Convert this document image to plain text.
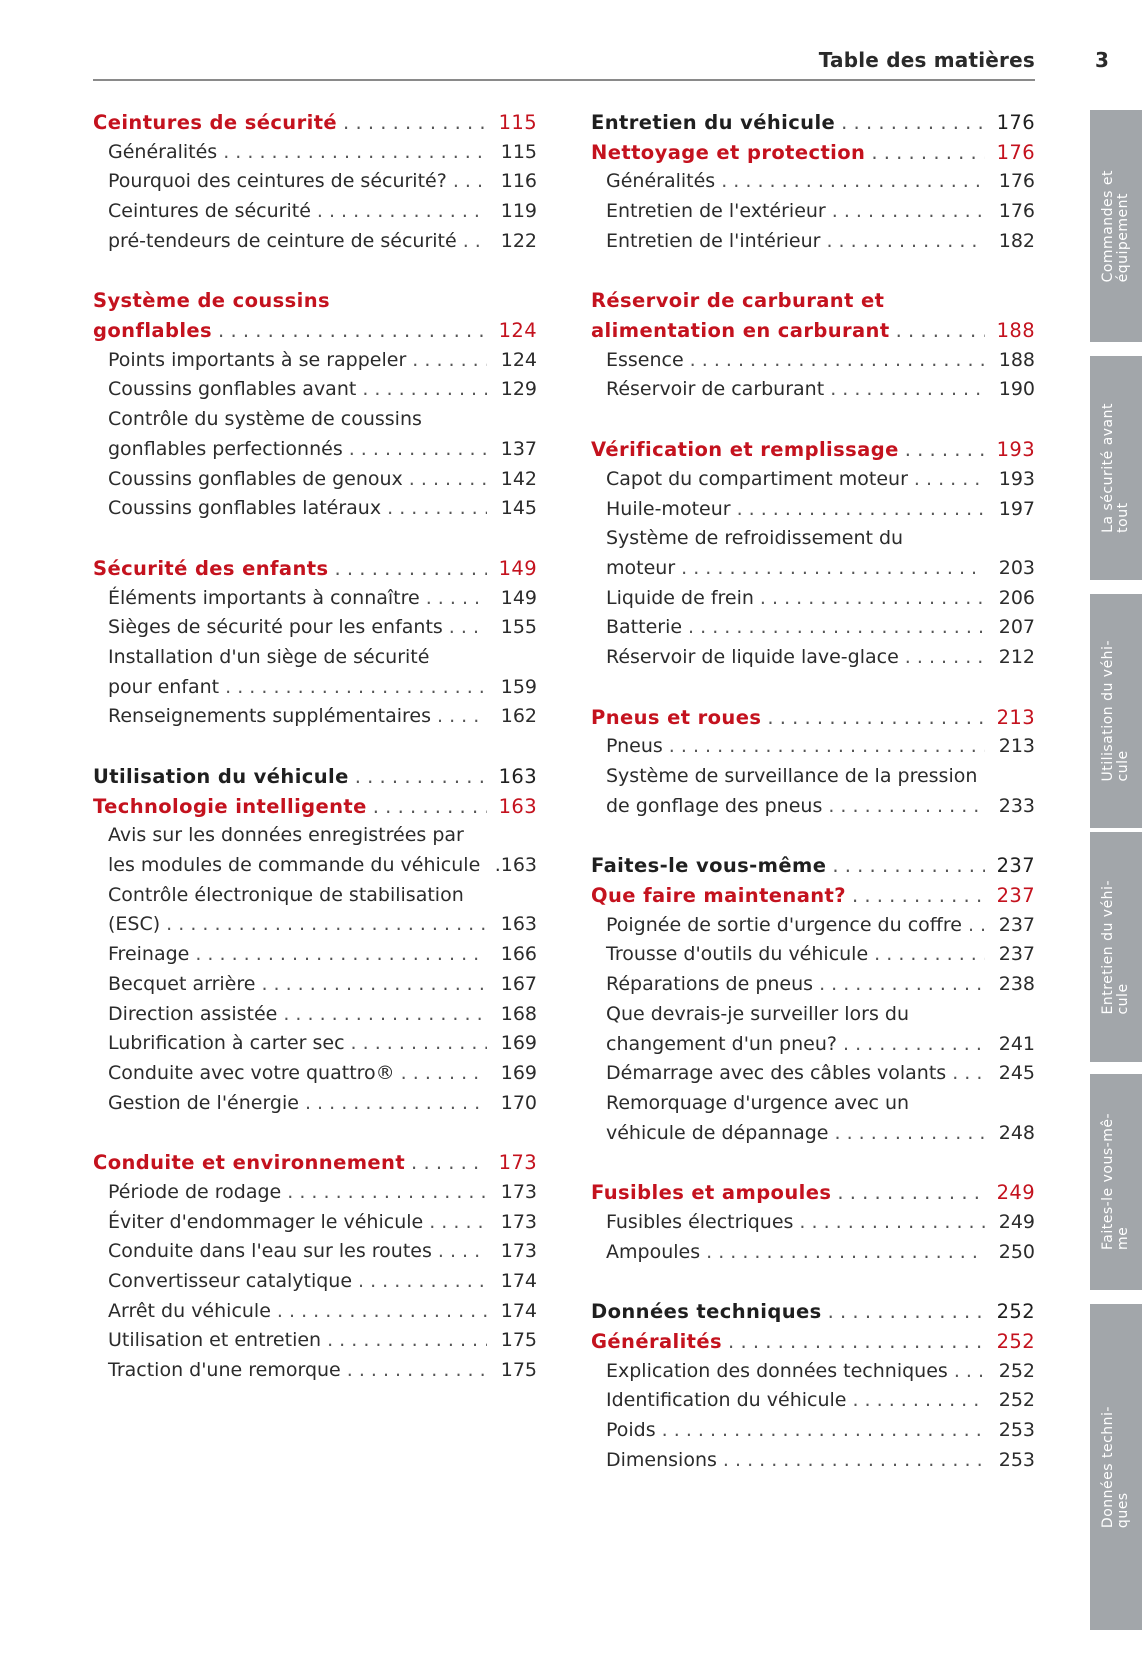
Table des matières	3
Ceintures de sécurité . . .	115
Généralités . . .	115
Pourquoi des ceintures de sécurité? . . .	116
Ceintures de sécurité . . .	119
pré-tendeurs de ceinture de sécurité . . .	122
Système de coussins
gonflables . . .	124
Points importants à se rappeler . . .	124
Coussins gonflables avant . . .	129
Contrôle du système de coussins
gonflables perfectionnés . . .	137
Coussins gonflables de genoux . . .	142
Coussins gonflables latéraux . . .	145
Sécurité des enfants . . .	149
Éléments importants à connaître . . .	149
Sièges de sécurité pour les enfants . . .	155
Installation d'un siège de sécurité
pour enfant . . .	159
Renseignements supplémentaires . . .	162
Utilisation du véhicule . . .	163
Technologie intelligente . . .	163
Avis sur les données enregistrées par
les modules de commande du véhicule .163
Contrôle électronique de stabilisation
(ESC) . . .	163
Freinage . . .	166
Becquet arrière . . .	167
Direction assistée . . .	168
Lubrification à carter sec . . .	169
Conduite avec votre quattro® . . .	169
Gestion de l'énergie . . .	170
Conduite et environnement . . .	173
Période de rodage . . .	173
Éviter d'endommager le véhicule . . .	173
Conduite dans l'eau sur les routes . . .	173
Convertisseur catalytique . . .	174
Arrêt du véhicule . . .	174
Utilisation et entretien . . .	175
Traction d'une remorque . . .	175
Entretien du véhicule . . .	176
Nettoyage et protection . . .	176
Généralités . . .	176
Entretien de l'extérieur . . .	176
Entretien de l'intérieur . . .	182
Réservoir de carburant et
alimentation en carburant . . .	188
Essence . . .	188
Réservoir de carburant . . .	190
Vérification et remplissage . . .	193
Capot du compartiment moteur . . .	193
Huile-moteur . . .	197
Système de refroidissement du
moteur . . .	203
Liquide de frein . . .	206
Batterie . . .	207
Réservoir de liquide lave-glace . . .	212
Pneus et roues . . .	213
Pneus . . .	213
Système de surveillance de la pression
de gonflage des pneus . . .	233
Faites-le vous-même . . .	237
Que faire maintenant? . . .	237
Poignée de sortie d'urgence du coffre . . .	237
Trousse d'outils du véhicule . . .	237
Réparations de pneus . . .	238
Que devrais-je surveiller lors du
changement d'un pneu? . . .	241
Démarrage avec des câbles volants . . .	245
Remorquage d'urgence avec un
véhicule de dépannage . . .	248
Fusibles et ampoules . . .	249
Fusibles électriques . . .	249
Ampoules . . .	250
Données techniques . . .	252
Généralités . . .	252
Explication des données techniques . . .	252
Identification du véhicule . . .	252
Poids . . .	253
Dimensions . . .	253
Commandes et
équipement
La sécurité avant
tout
Utilisation du véhi-
cule
Entretien du véhi-
cule
Faites-le vous-mê-
me
Données techni-
ques
